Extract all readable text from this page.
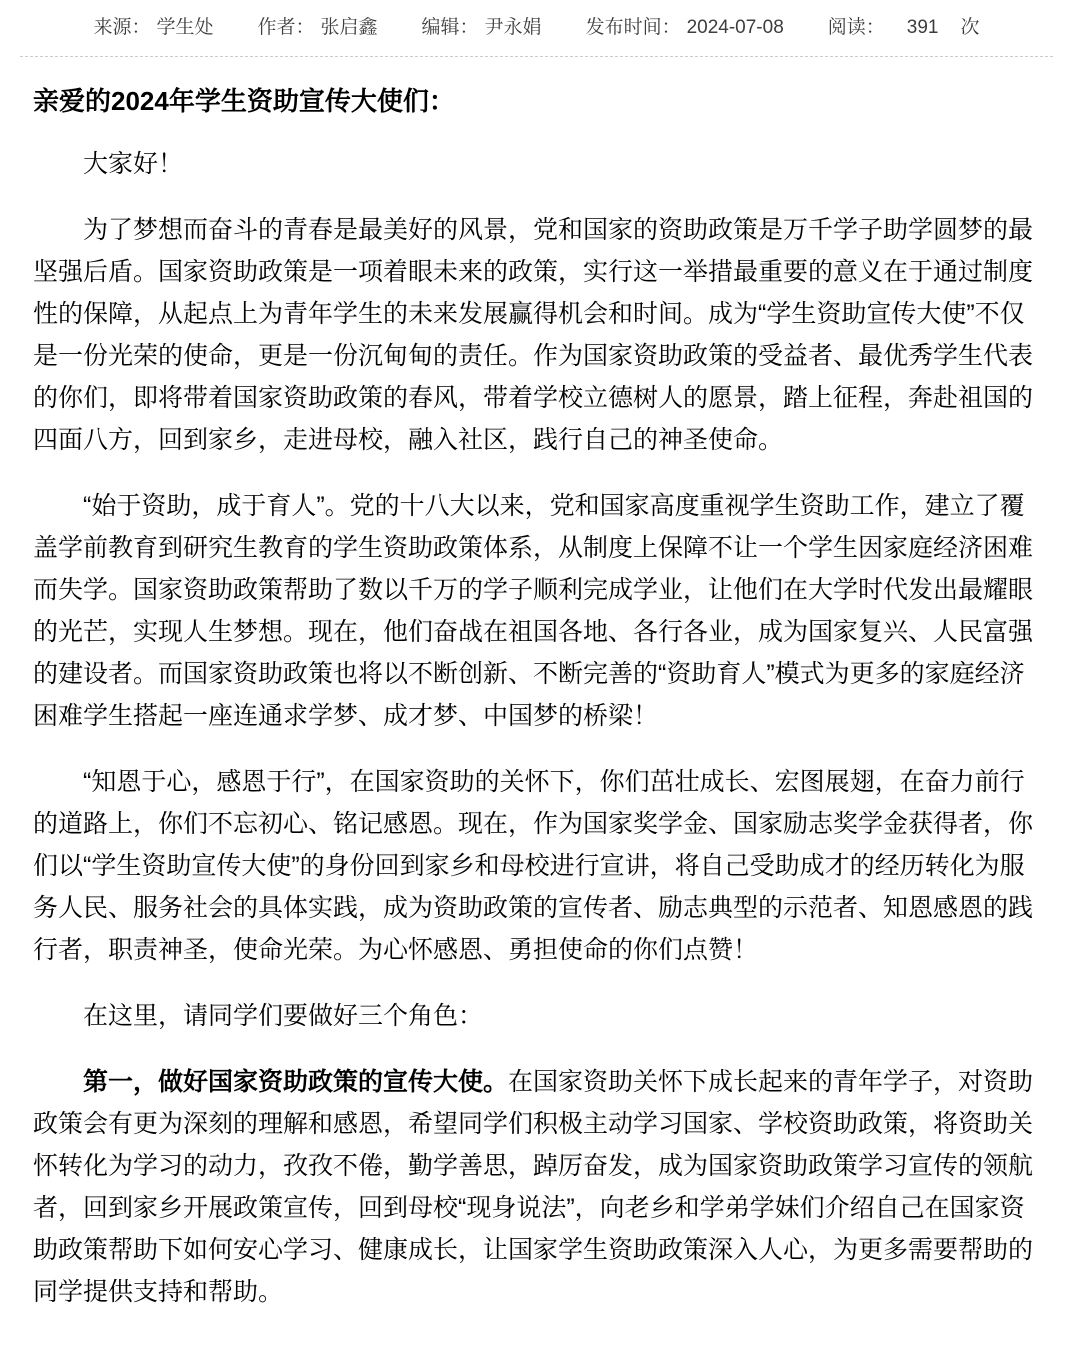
来源： 学生处 作者： 张启鑫 编辑： 尹永娟 发布时间： 2024-07-08 阅读： 391 次
亲爱的2024年学生资助宣传大使们：

大家好！

为了梦想而奋斗的青春是最美好的风景，党和国家的资助政策是万千学子助学圆梦的最坚强后盾。国家资助政策是一项着眼未来的政策，实行这一举措最重要的意义在于通过制度性的保障，从起点上为青年学生的未来发展赢得机会和时间。成为“学生资助宣传大使”不仅是一份光荣的使命，更是一份沉甸甸的责任。作为国家资助政策的受益者、最优秀学生代表的你们，即将带着国家资助政策的春风，带着学校立德树人的愿景，踏上征程，奔赴祖国的四面八方，回到家乡，走进母校，融入社区，践行自己的神圣使命。

“始于资助，成于育人”。党的十八大以来，党和国家高度重视学生资助工作，建立了覆盖学前教育到研究生教育的学生资助政策体系，从制度上保障不让一个学生因家庭经济困难而失学。国家资助政策帮助了数以千万的学子顺利完成学业，让他们在大学时代发出最耀眼的光芒，实现人生梦想。现在，他们奋战在祖国各地、各行各业，成为国家复兴、人民富强的建设者。而国家资助政策也将以不断创新、不断完善的“资助育人”模式为更多的家庭经济困难学生搭起一座连通求学梦、成才梦、中国梦的桥梁！

“知恩于心，感恩于行”，在国家资助的关怀下，你们茁壮成长、宏图展翅，在奋力前行的道路上，你们不忘初心、铭记感恩。现在，作为国家奖学金、国家励志奖学金获得者，你们以“学生资助宣传大使”的身份回到家乡和母校进行宣讲，将自己受助成才的经历转化为服务人民、服务社会的具体实践，成为资助政策的宣传者、励志典型的示范者、知恩感恩的践行者，职责神圣，使命光荣。为心怀感恩、勇担使命的你们点赞！

在这里，请同学们要做好三个角色：

第一，做好国家资助政策的宣传大使。在国家资助关怀下成长起来的青年学子，对资助政策会有更为深刻的理解和感恩，希望同学们积极主动学习国家、学校资助政策，将资助关怀转化为学习的动力，孜孜不倦，勤学善思，踔厉奋发，成为国家资助政策学习宣传的领航者，回到家乡开展政策宣传，回到母校“现身说法”，向老乡和学弟学妹们介绍自己在国家资助政策帮助下如何安心学习、健康成长，让国家学生资助政策深入人心，为更多需要帮助的同学提供支持和帮助。
